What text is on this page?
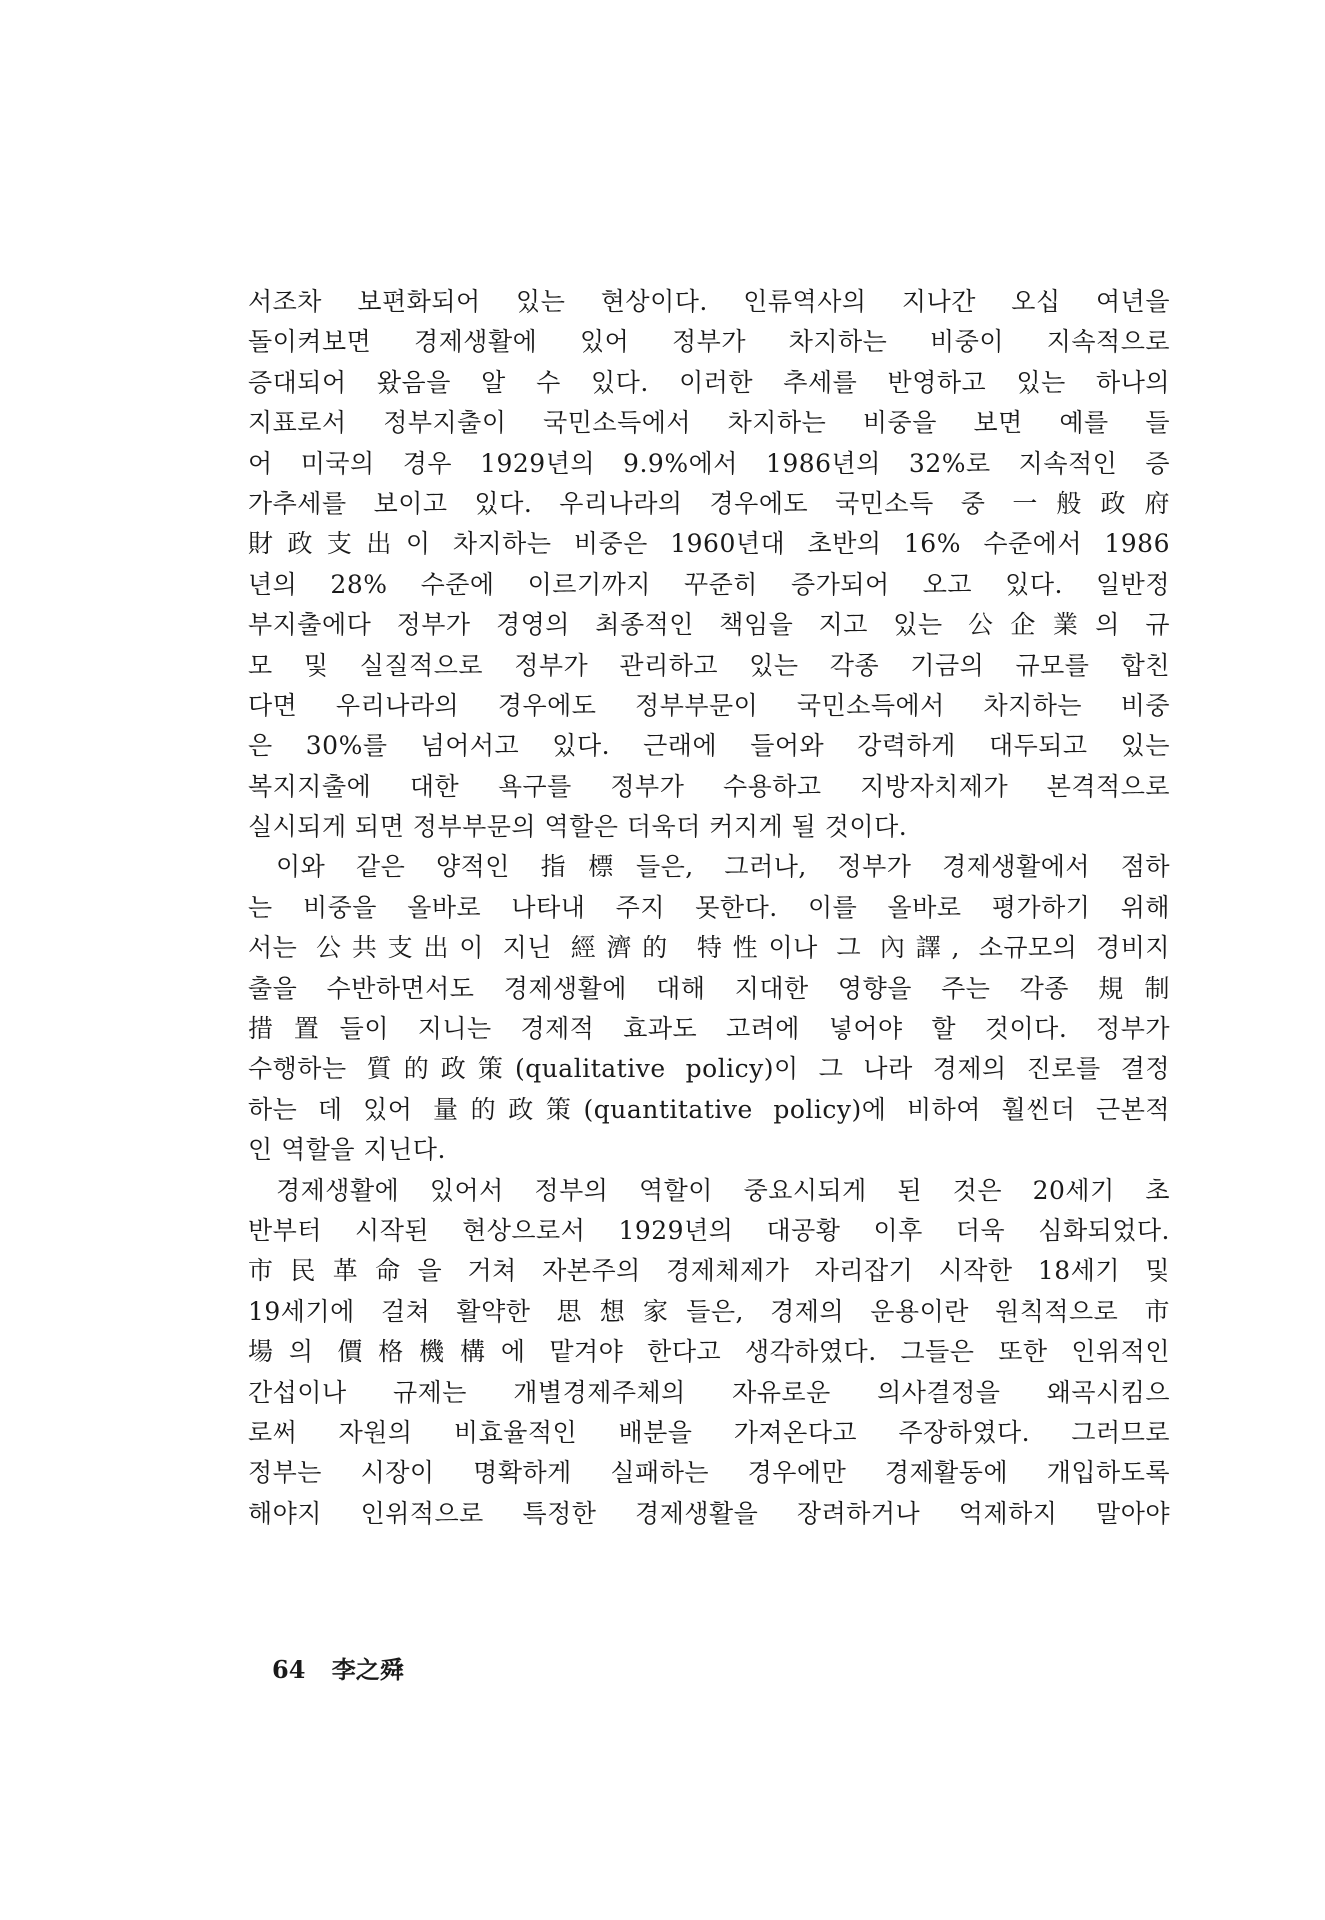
서조차 보편화되어 있는 현상이다. 인류역사의 지나간 오십 여년을
돌이켜보면 경제생활에 있어 정부가 차지하는 비중이 지속적으로
증대되어 왔음을 알 수 있다. 이러한 추세를 반영하고 있는 하나의
지표로서 정부지출이 국민소득에서 차지하는 비중을 보면 예를 들
어 미국의 경우 1929년의 9.9%에서 1986년의 32%로 지속적인 증
가추세를 보이고 있다. 우리나라의 경우에도 국민소득 중 一般政府
財政支出이 차지하는 비중은 1960년대 초반의 16% 수준에서 1986
년의 28% 수준에 이르기까지 꾸준히 증가되어 오고 있다. 일반정
부지출에다 정부가 경영의 최종적인 책임을 지고 있는 公企業의 규
모 및 실질적으로 정부가 관리하고 있는 각종 기금의 규모를 합친
다면 우리나라의 경우에도 정부부문이 국민소득에서 차지하는 비중
은 30%를 넘어서고 있다. 근래에 들어와 강력하게 대두되고 있는
복지지출에 대한 욕구를 정부가 수용하고 지방자치제가 본격적으로
실시되게 되면 정부부문의 역할은 더욱더 커지게 될 것이다.
이와 같은 양적인 指標들은, 그러나, 정부가 경제생활에서 점하
는 비중을 올바로 나타내 주지 못한다. 이를 올바로 평가하기 위해
서는 公共支出이 지닌 經濟的 特性이나 그 內譯, 소규모의 경비지
출을 수반하면서도 경제생활에 대해 지대한 영향을 주는 각종 規制
措置들이 지니는 경제적 효과도 고려에 넣어야 할 것이다. 정부가
수행하는 質的政策(qualitative policy)이 그 나라 경제의 진로를 결정
하는 데 있어 量的政策(quantitative policy)에 비하여 훨씬더 근본적
인 역할을 지닌다.
경제생활에 있어서 정부의 역할이 중요시되게 된 것은 20세기 초
반부터 시작된 현상으로서 1929년의 대공황 이후 더욱 심화되었다.
市民革命을 거쳐 자본주의 경제체제가 자리잡기 시작한 18세기 및
19세기에 걸쳐 활약한 思想家들은, 경제의 운용이란 원칙적으로 市
場의 價格機構에 맡겨야 한다고 생각하였다. 그들은 또한 인위적인
간섭이나 규제는 개별경제주체의 자유로운 의사결정을 왜곡시킴으
로써 자원의 비효율적인 배분을 가져온다고 주장하였다. 그러므로
정부는 시장이 명확하게 실패하는 경우에만 경제활동에 개입하도록
해야지 인위적으로 특정한 경제생활을 장려하거나 억제하지 말아야
64 李之舜
